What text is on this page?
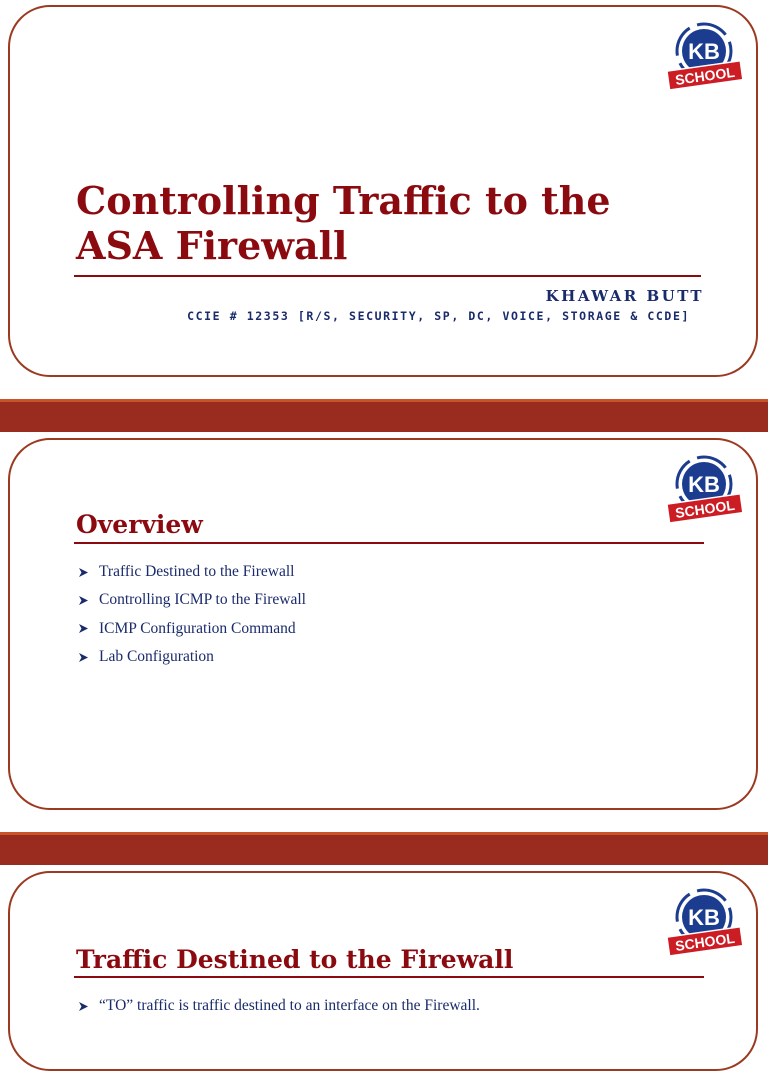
Controlling Traffic to the
ASA Firewall
KHAWAR BUTT
CCIE # 12353 [R/S, SECURITY, SP, DC, VOICE, STORAGE & CCDE]
Overview
Traffic Destined to the Firewall
Controlling ICMP to the Firewall
ICMP Configuration Command
Lab Configuration
Traffic Destined to the Firewall
“TO” traffic is traffic destined to an interface on the Firewall.
